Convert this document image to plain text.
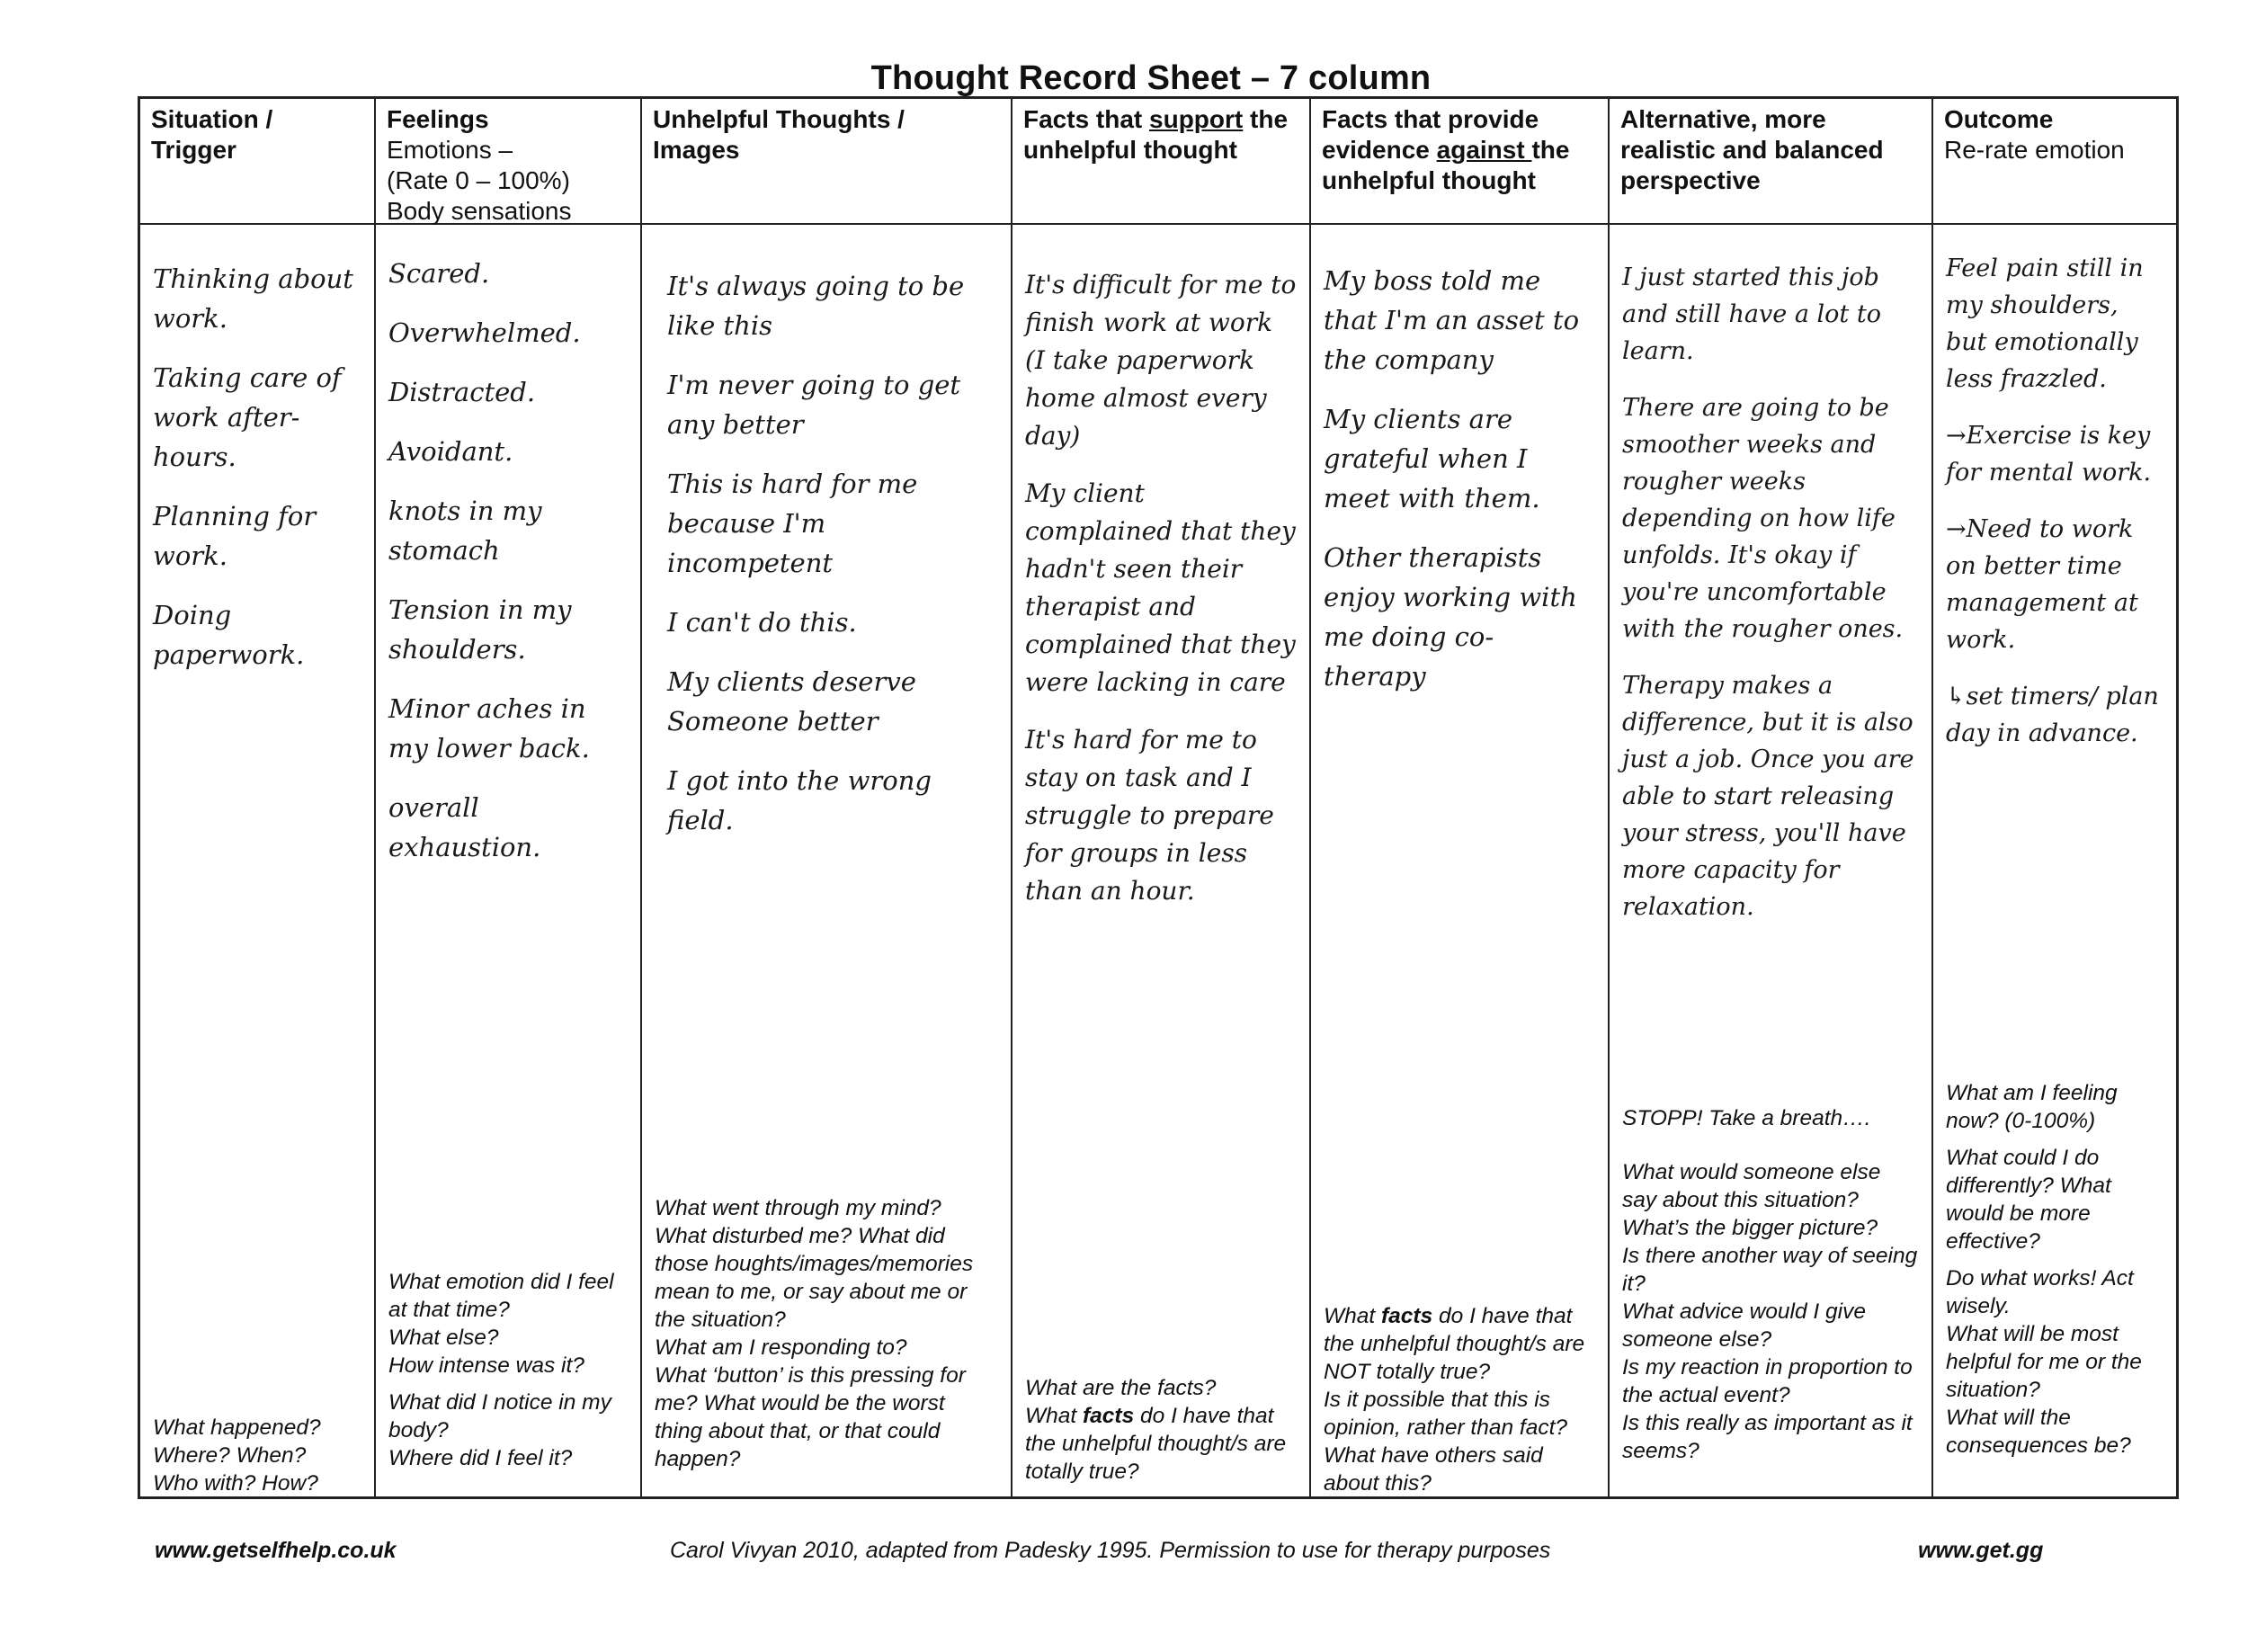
Thought Record Sheet – 7 column
Situation /
Trigger

Thinking about work.

Taking care of work after-hours.

Planning for work.

Doing paperwork.

What happened?
Where? When?
Who with? How?
Feelings
Emotions –
(Rate 0 – 100%)
Body sensations

Scared.

Overwhelmed.

Distracted.

Avoidant.

knots in my stomach

Tension in my shoulders.

Minor aches in my lower back.

overall exhaustion.

What emotion did I feel at that time?
What else?

How intense was it?

What did I notice in my body?
Where did I feel it?
Unhelpful Thoughts /
Images

It's always going to be like this

I'm never going to get any better

This is hard for me because I'm incompetent

I can't do this.

My clients deserve Someone better

I got into the wrong field.

What went through my mind?
What disturbed me? What did those houghts/images/memories mean to me, or say about me or the situation?
What am I responding to?
What ‘button’ is this pressing for me? What would be the worst thing about that, or that could happen?
Facts that support the unhelpful thought

It's difficult for me to finish work at work (I take paperwork home almost every day)

My client complained that they hadn't seen their therapist and complained that they were lacking in care

It's hard for me to stay on task and I struggle to prepare for groups in less than an hour.

What are the facts?
What facts do I have that the unhelpful thought/s are totally true?
Facts that provide evidence against the unhelpful thought

My boss told me that I'm an asset to the company

My clients are grateful when I meet with them.

Other therapists enjoy working with me doing co-therapy

What facts do I have that the unhelpful thought/s are NOT totally true?
Is it possible that this is opinion, rather than fact?
What have others said about this?
Alternative, more realistic and balanced perspective

I just started this job and still have a lot to learn.

There are going to be smoother weeks and rougher weeks depending on how life unfolds. It's okay if you're uncomfortable with the rougher ones.

Therapy makes a difference, but it is also just a job. Once you are able to start releasing your stress, you'll have more capacity for relaxation.

STOPP! Take a breath….
What would someone else say about this situation?
What’s the bigger picture?
Is there another way of seeing it?
What advice would I give someone else?
Is my reaction in proportion to the actual event?
Is this really as important as it seems?
Outcome
Re-rate emotion

Feel pain still in my shoulders, but emotionally less frazzled.

→Exercise is key for mental work.

→Need to work on better time management at work.

↳set timers/ plan day in advance.

What am I feeling now? (0-100%)

What could I do differently? What would be more effective?

Do what works! Act wisely.
What will be most helpful for me or the situation?
What will the consequences be?
www.getselfhelp.co.uk	Carol Vivyan 2010, adapted from Padesky 1995. Permission to use for therapy purposes	www.get.gg
